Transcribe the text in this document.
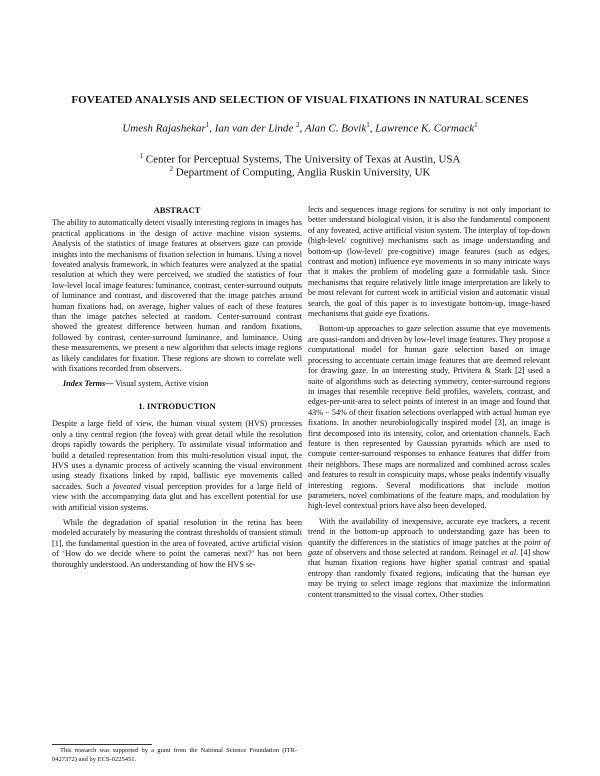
FOVEATED ANALYSIS AND SELECTION OF VISUAL FIXATIONS IN NATURAL SCENES
Umesh Rajashekar$^1$, Ian van der Linde $^2$, Alan C. Bovik$^1$, Lawrence K. Cormack$^1$
$^1$ Center for Perceptual Systems, The University of Texas at Austin, USA
$^2$ Department of Computing, Anglia Ruskin University, UK

ABSTRACT

The ability to automatically detect visually interesting regions in images has practical applications in the design of active machine vision systems. Analysis of the statistics of image features at observers gaze can provide insights into the mechanisms of fixation selection in humans. Using a novel foveated analysis framework, in which features were analyzed at the spatial resolution at which they were perceived, we studied the statistics of four low-level local image features: luminance, contrast, center-surround outputs of luminance and contrast, and discovered that the image patches around human fixations had, on average, higher values of each of these features than the image patches selected at random. Center-surround contrast showed the greatest difference between human and random fixations, followed by contrast, center-surround luminance, and luminance. Using these measurements, we present a new algorithm that selects image regions as likely candidates for fixation. These regions are shown to correlate well with fixations recorded from observers.

Index Terms— Visual system, Active vision

1. INTRODUCTION

Despite a large field of view, the human visual system (HVS) processes only a tiny central region (the fovea) with great detail while the resolution drops rapidly towards the periphery. To assimilate visual information and build a detailed representation from this multi-resolution visual input, the HVS uses a dynamic process of actively scanning the visual environment using steady fixations linked by rapid, ballistic eye movements called saccades. Such a foveated visual perception provides for a large field of view with the accompanying data glut and has excellent potential for use with artificial vision systems.

While the degradation of spatial resolution in the retina has been modeled accurately by measuring the contrast thresholds of transient stimuli [1], the fundamental question in the area of foveated, active artificial vision of ‘How do we decide where to point the cameras next?’ has not been thoroughly understood. An understanding of how the HVS se-

lects and sequences image regions for scrutiny is not only important to better understand biological vision, it is also the fundamental component of any foveated, active artificial vision system. The interplay of top-down (high-level/ cognitive) mechanisms such as image understanding and bottom-up (low-level/ pre-cognitive) image features (such as edges, contrast and motion) influence eye movements in so many intricate ways that it makes the problem of modeling gaze a formidable task. Since mechanisms that require relatively little image interpretation are likely to be most relevant for current work in artificial vision and automatic visual search, the goal of this paper is to investigate bottom-up, image-based mechanisms that guide eye fixations.

Bottom-up approaches to gaze selection assume that eye movements are quasi-random and driven by low-level image features. They propose a computational model for human gaze selection based on image processing to accentuate certain image features that are deemed relevant for drawing gaze. In an interesting study, Privitera & Stark [2] used a suite of algorithms such as detecting symmetry, center-surround regions in images that resemble receptive field profiles, wavelets, contrast, and edges-per-unit-area to select points of interest in an image and found that 43% − 54% of their fixation selections overlapped with actual human eye fixations. In another neurobiologically inspired model [3], an image is first decomposed into its intensity, color, and orientation channels. Each feature is then represented by Gaussian pyramids which are used to compute center-surround responses to enhance features that differ from their neighbors. These maps are normalized and combined across scales and features to result in conspicuity maps, whose peaks indentify visually interesting regions. Several modifications that include motion parameters, novel combinations of the feature maps, and modulation by high-level contextual priors have also been developed.

With the availability of inexpensive, accurate eye trackers, a recent trend in the bottom-up approach to understanding gaze has been to quantify the differences in the statistics of image patches at the point of gaze of observers and those selected at random. Reinagel et al. [4] show that human fixation regions have higher spatial contrast and spatial entropy than randomly fixated regions, indicating that the human eye may be trying to select image regions that maximize the information content transmitted to the visual cortex. Other studies

This research was supported by a grant from the National Science Foundation (ITR-0427372) and by ECS-0225451.
